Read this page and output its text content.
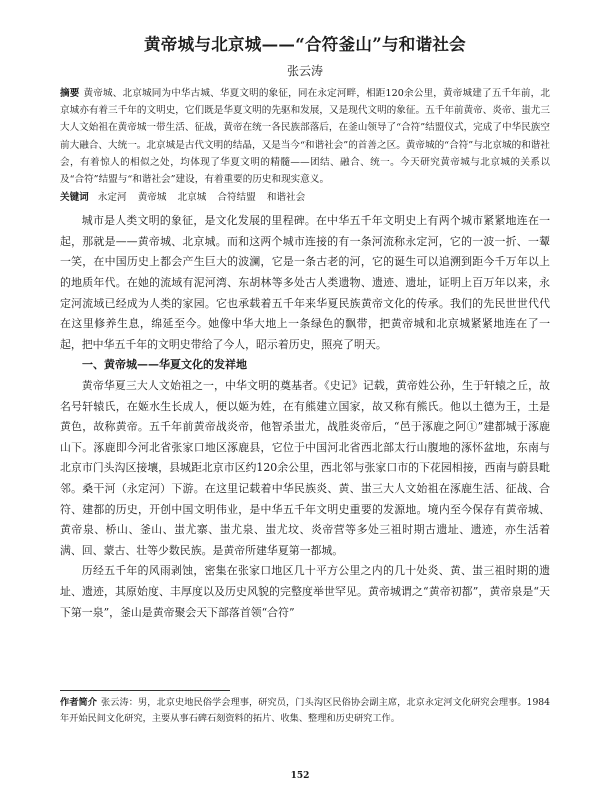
黄帝城与北京城——“合符釜山”与和谐社会
张云涛

摘要 黄帝城、北京城同为中华古城、华夏文明的象征，同在永定河畔，相距120余公里，黄帝城建了五千年前，北京城亦有着三千年的文明史，它们既是华夏文明的先驱和发展，又是现代文明的象征。五千年前黄帝、炎帝、蚩尤三大人文始祖在黄帝城一带生活、征战，黄帝在统一各民族部落后，在釜山领导了“合符”结盟仪式，完成了中华民族空前大融合、大统一。北京城是古代文明的结晶，又是当今“和谐社会”的首善之区。黄帝城的“合符”与北京城的和谐社会，有着惊人的相似之处，均体现了华夏文明的精髓——团结、融合、统一。今天研究黄帝城与北京城的关系以及“合符”结盟与“和谐社会”建设，有着重要的历史和现实意义。

关键词 永定河 黄帝城 北京城 合符结盟 和谐社会

城市是人类文明的象征，是文化发展的里程碑。在中华五千年文明史上有两个城市紧紧地连在一起，那就是——黄帝城、北京城。而和这两个城市连接的有一条河流称永定河，它的一波一折、一颦一笑，在中国历史上都会产生巨大的波澜，它是一条古老的河，它的诞生可以追溯到距今千万年以上的地质年代。在她的流域有泥河湾、东胡林等多处古人类遗物、遗迹、遗址，证明上百万年以来，永定河流域已经成为人类的家园。它也承载着五千年来华夏民族黄帝文化的传承。我们的先民世世代代在这里修养生息，绵延至今。她像中华大地上一条绿色的飘带，把黄帝城和北京城紧紧地连在了一起，把中华五千年的文明史带给了今人，昭示着历史，照亮了明天。

一、黄帝城——华夏文化的发祥地

黄帝华夏三大人文始祖之一，中华文明的奠基者。《史记》记载，黄帝姓公孙，生于轩辕之丘，故名号轩辕氏，在姬水生长成人，便以姬为姓，在有熊建立国家，故又称有熊氏。他以土德为王，土是黄色，故称黄帝。五千年前黄帝战炎帝，他智杀蚩尤，战胜炎帝后，“邑于涿鹿之阿①”建都城于涿鹿山下。涿鹿即今河北省张家口地区涿鹿县，它位于中国河北省西北部太行山腹地的涿怀盆地，东南与北京市门头沟区接壤，县城距北京市区约120余公里，西北邻与张家口市的下花园相接，西南与蔚县毗邻。桑干河（永定河）下游。在这里记载着中华民族炎、黄、蚩三大人文始祖在涿鹿生活、征战、合符、建都的历史，开创中国文明伟业，是中华五千年文明史重要的发源地。境内至今保存有黄帝城、黄帝泉、桥山、釜山、蚩尤寨、蚩尤泉、蚩尤坟、炎帝营等多处三祖时期古遗址、遗迹，亦生活着满、回、蒙古、壮等少数民族。是黄帝所建华夏第一都城。

历经五千年的风雨剥蚀，密集在张家口地区几十平方公里之内的几十处炎、黄、蚩三祖时期的遗址、遗迹，其原始度、丰厚度以及历史风貌的完整度举世罕见。黄帝城谓之“黄帝初都”，黄帝泉是“天下第一泉”，釜山是黄帝聚会天下部落首领“合符”

作者简介 张云涛：男，北京史地民俗学会理事，研究员，门头沟区民俗协会副主席，北京永定河文化研究会理事。1984年开始民间文化研究，主要从事石碑石刻资料的拓片、收集、整理和历史研究工作。
152
